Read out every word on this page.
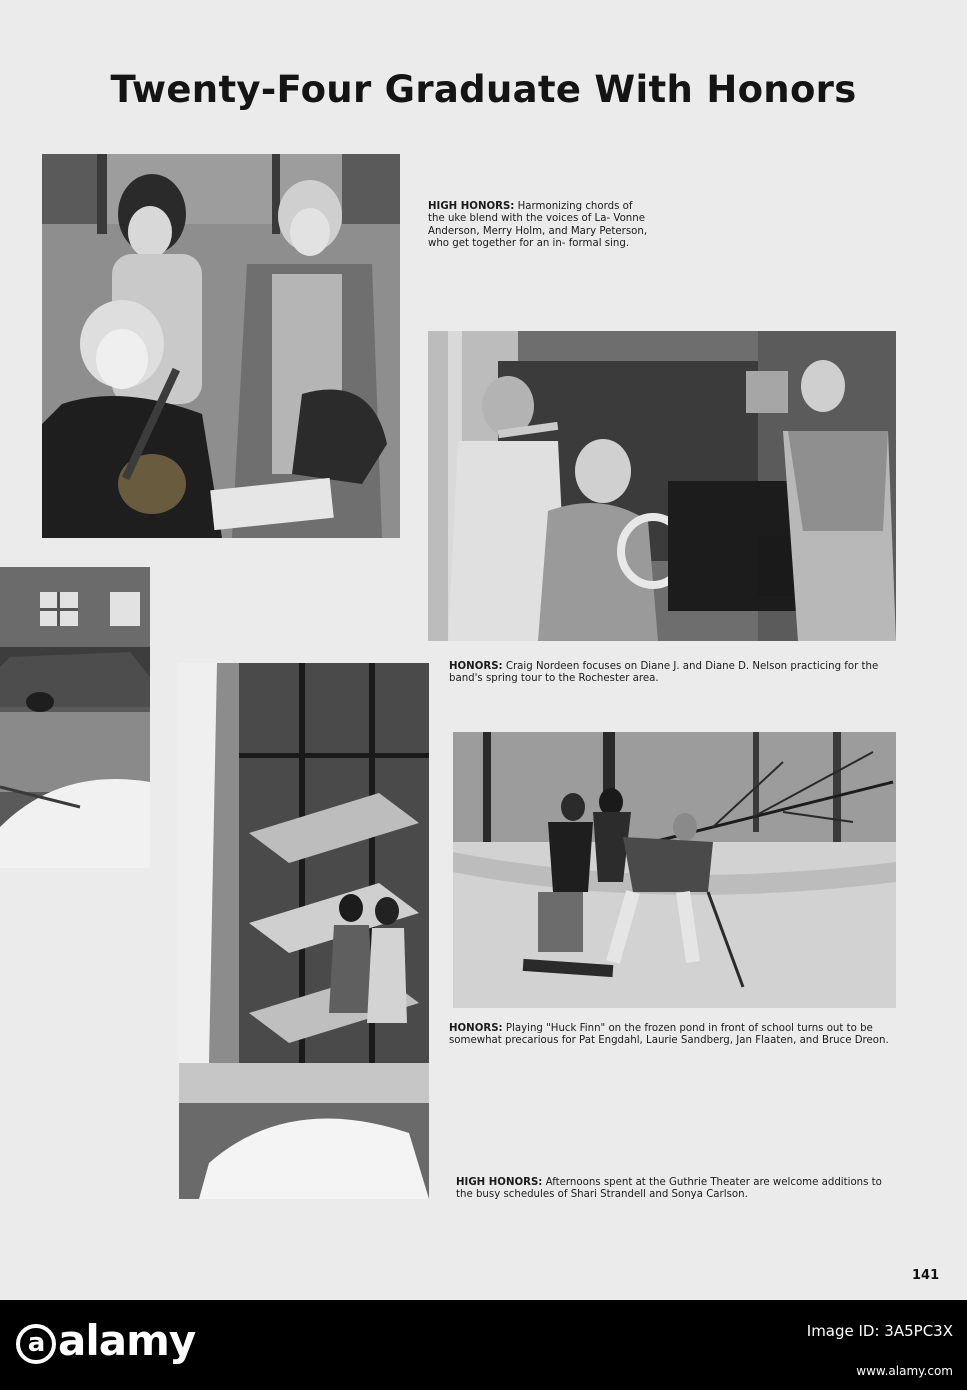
Twenty-Four Graduate With Honors
HIGH HONORS: Harmonizing chords of the uke blend with the voices of La- Vonne Anderson, Merry Holm, and Mary Peterson, who get together for an in- formal sing.
HONORS: Craig Nordeen focuses on Diane J. and Diane D. Nelson practicing for the band's spring tour to the Rochester area.
HONORS: Playing "Huck Finn" on the frozen pond in front of school turns out to be somewhat precarious for Pat Engdahl, Laurie Sandberg, Jan Flaaten, and Bruce Dreon.
HIGH HONORS: Afternoons spent at the Guthrie Theater are welcome additions to the busy schedules of Shari Strandell and Sonya Carlson.
141
a alamy	Image ID: 3A5PC3X
www.alamy.com
